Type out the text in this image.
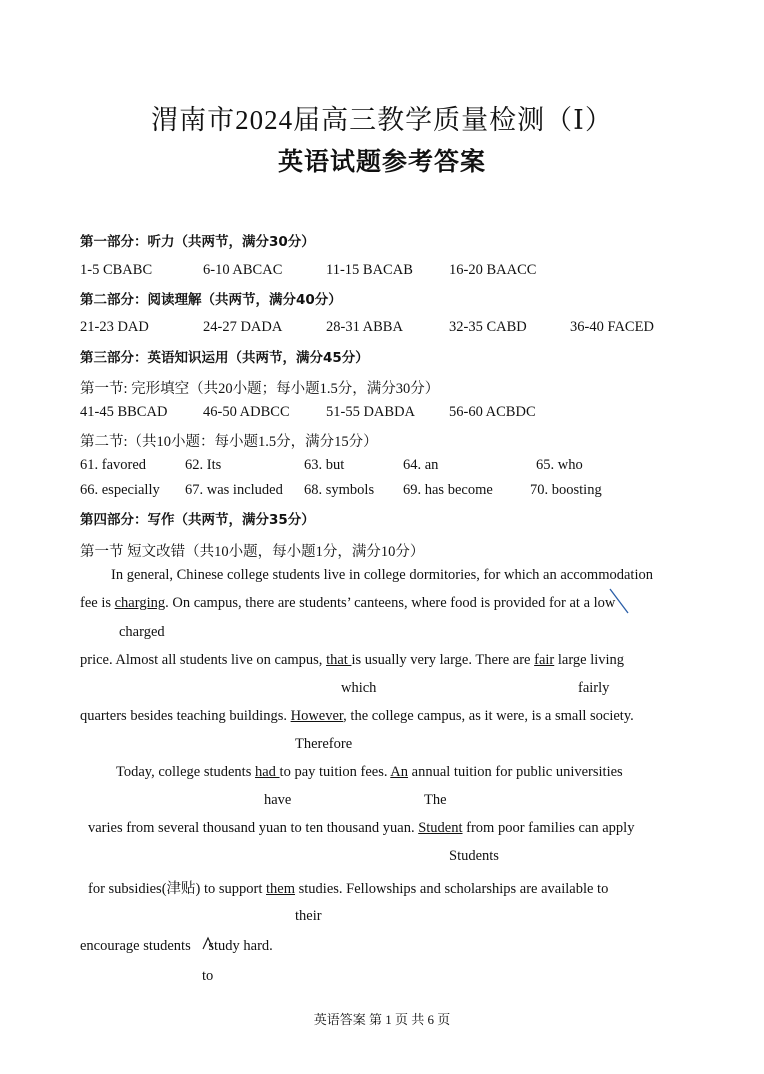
渭南市2024届高三教学质量检测（Ⅰ）
英语试题参考答案
第一部分：听力（共两节，满分30分）
1-5 CBABC	6-10 ABCAC	11-15 BACAB 16-20 BAACC
第二部分：阅读理解（共两节，满分40分）
21-23 DAD	24-27 DADA	28-31 ABBA	32-35 CABD	36-40 FACED
第三部分：英语知识运用（共两节，满分45分）
第一节: 完形填空（共20小题；每小题1.5分，满分30分）
41-45 BBCAD 46-50 ADBCC	51-55 DABDA 56-60 ACBDC
第二节:（共10小题：每小题1.5分，满分15分）
61. favored	62. Its	63. but	64. an	65. who
66. especially 67. was included 68. symbols 69. has become	70. boosting
第四部分：写作（共两节，满分35分）
第一节 短文改错（共10小题，每小题1分，满分10分）
In general, Chinese college students live in college dormitories, for which an accommodation
fee is charging. On campus, there are students’ canteens, where food is provided for at a low
charged
price. Almost all students live on campus, that is usually very large. There are fair large living
which	fairly
quarters besides teaching buildings. However, the college campus, as it were, is a small society.
Therefore
Today, college students had to pay tuition fees. An annual tuition for public universities
have	The
varies from several thousand yuan to ten thousand yuan. Student from poor families can apply
Students
for subsidies(津贴) to support them studies. Fellowships and scholarships are available to
their
encourage students study hard.
to
英语答案 第 1 页 共 6 页
